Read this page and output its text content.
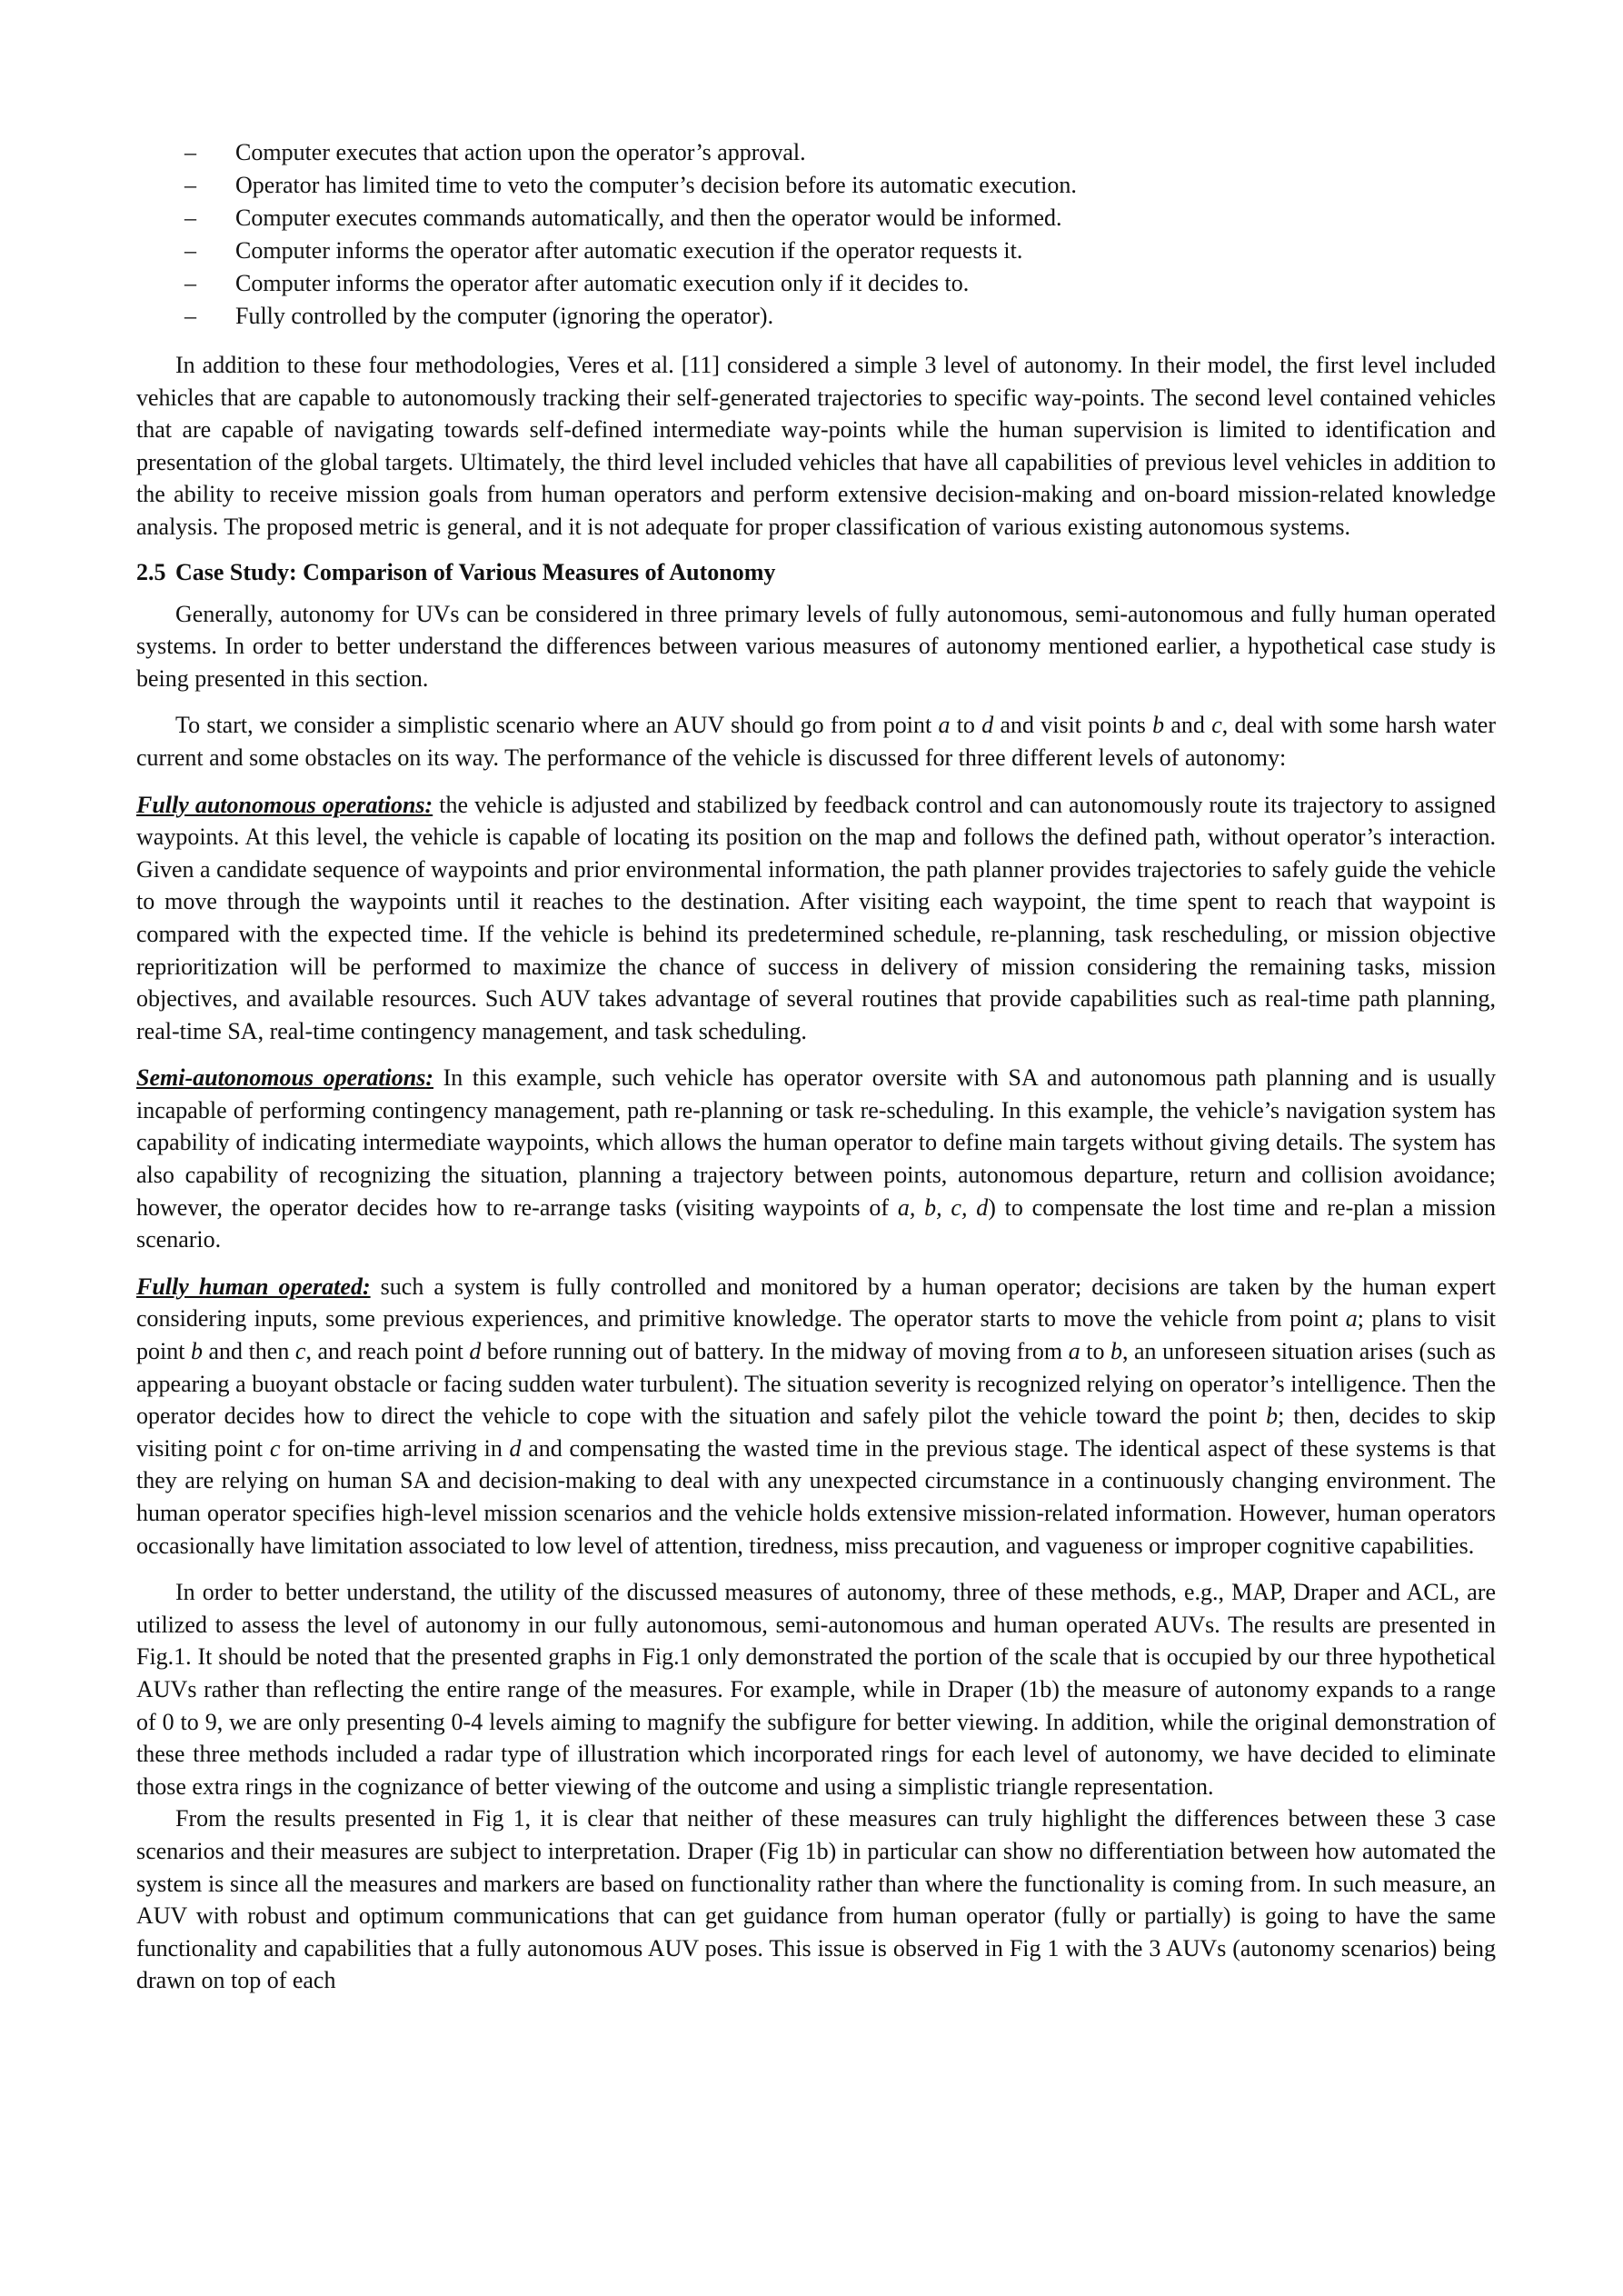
– Computer executes that action upon the operator’s approval.
– Operator has limited time to veto the computer’s decision before its automatic execution.
– Computer executes commands automatically, and then the operator would be informed.
– Computer informs the operator after automatic execution if the operator requests it.
– Computer informs the operator after automatic execution only if it decides to.
– Fully controlled by the computer (ignoring the operator).

In addition to these four methodologies, Veres et al. [11] considered a simple 3 level of autonomy. In their model, the first level included vehicles that are capable to autonomously tracking their self-generated trajectories to specific way-points. The second level contained vehicles that are capable of navigating towards self-defined intermediate way-points while the human supervision is limited to identification and presentation of the global targets. Ultimately, the third level included vehicles that have all capabilities of previous level vehicles in addition to the ability to receive mission goals from human operators and perform extensive decision-making and on-board mission-related knowledge analysis. The proposed metric is general, and it is not adequate for proper classification of various existing autonomous systems.

2.5 Case Study: Comparison of Various Measures of Autonomy

Generally, autonomy for UVs can be considered in three primary levels of fully autonomous, semi-autonomous and fully human operated systems. In order to better understand the differences between various measures of autonomy mentioned earlier, a hypothetical case study is being presented in this section.

To start, we consider a simplistic scenario where an AUV should go from point a to d and visit points b and c, deal with some harsh water current and some obstacles on its way. The performance of the vehicle is discussed for three different levels of autonomy:

Fully autonomous operations: the vehicle is adjusted and stabilized by feedback control and can autonomously route its trajectory to assigned waypoints. At this level, the vehicle is capable of locating its position on the map and follows the defined path, without operator’s interaction. Given a candidate sequence of waypoints and prior environmental information, the path planner provides trajectories to safely guide the vehicle to move through the waypoints until it reaches to the destination. After visiting each waypoint, the time spent to reach that waypoint is compared with the expected time. If the vehicle is behind its predetermined schedule, re-planning, task rescheduling, or mission objective reprioritization will be performed to maximize the chance of success in delivery of mission considering the remaining tasks, mission objectives, and available resources. Such AUV takes advantage of several routines that provide capabilities such as real-time path planning, real-time SA, real-time contingency management, and task scheduling.

Semi-autonomous operations: In this example, such vehicle has operator oversite with SA and autonomous path planning and is usually incapable of performing contingency management, path re-planning or task re-scheduling. In this example, the vehicle’s navigation system has capability of indicating intermediate waypoints, which allows the human operator to define main targets without giving details. The system has also capability of recognizing the situation, planning a trajectory between points, autonomous departure, return and collision avoidance; however, the operator decides how to re-arrange tasks (visiting waypoints of a, b, c, d) to compensate the lost time and re-plan a mission scenario.

Fully human operated: such a system is fully controlled and monitored by a human operator; decisions are taken by the human expert considering inputs, some previous experiences, and primitive knowledge. The operator starts to move the vehicle from point a; plans to visit point b and then c, and reach point d before running out of battery. In the midway of moving from a to b, an unforeseen situation arises (such as appearing a buoyant obstacle or facing sudden water turbulent). The situation severity is recognized relying on operator’s intelligence. Then the operator decides how to direct the vehicle to cope with the situation and safely pilot the vehicle toward the point b; then, decides to skip visiting point c for on-time arriving in d and compensating the wasted time in the previous stage. The identical aspect of these systems is that they are relying on human SA and decision-making to deal with any unexpected circumstance in a continuously changing environment. The human operator specifies high-level mission scenarios and the vehicle holds extensive mission-related information. However, human operators occasionally have limitation associated to low level of attention, tiredness, miss precaution, and vagueness or improper cognitive capabilities.

In order to better understand, the utility of the discussed measures of autonomy, three of these methods, e.g., MAP, Draper and ACL, are utilized to assess the level of autonomy in our fully autonomous, semi-autonomous and human operated AUVs. The results are presented in Fig.1. It should be noted that the presented graphs in Fig.1 only demonstrated the portion of the scale that is occupied by our three hypothetical AUVs rather than reflecting the entire range of the measures. For example, while in Draper (1b) the measure of autonomy expands to a range of 0 to 9, we are only presenting 0-4 levels aiming to magnify the subfigure for better viewing. In addition, while the original demonstration of these three methods included a radar type of illustration which incorporated rings for each level of autonomy, we have decided to eliminate those extra rings in the cognizance of better viewing of the outcome and using a simplistic triangle representation.

From the results presented in Fig 1, it is clear that neither of these measures can truly highlight the differences between these 3 case scenarios and their measures are subject to interpretation. Draper (Fig 1b) in particular can show no differentiation between how automated the system is since all the measures and markers are based on functionality rather than where the functionality is coming from. In such measure, an AUV with robust and optimum communications that can get guidance from human operator (fully or partially) is going to have the same functionality and capabilities that a fully autonomous AUV poses. This issue is observed in Fig 1 with the 3 AUVs (autonomy scenarios) being drawn on top of each
